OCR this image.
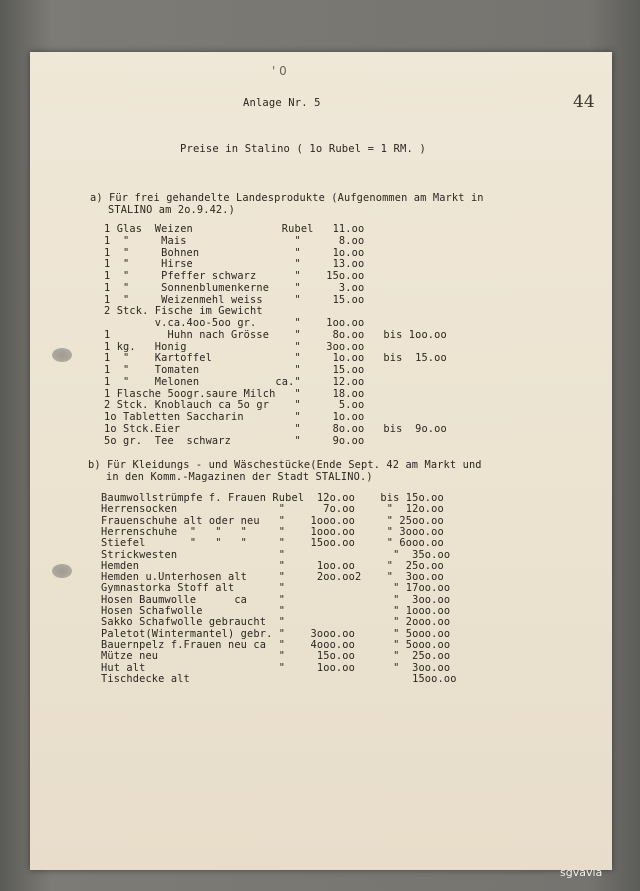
' 0
Anlage Nr. 5	44
Preise in Stalino ( 1o Rubel = 1 RM. )
a) Für frei gehandelte Landesprodukte (Aufgenommen am Markt in
STALINO am 2o.9.42.)
1 Glas  Weizen              Rubel   11.oo
1  "     Mais                 "      8.oo
1  "     Bohnen               "     1o.oo
1  "     Hirse                "     13.oo
1  "     Pfeffer schwarz      "    15o.oo
1  "     Sonnenblumenkerne    "      3.oo
1  "     Weizenmehl weiss     "     15.oo
2 Stck. Fische im Gewicht
v.ca.4oo-5oo gr.      "    1oo.oo
1         Huhn nach Grösse    "     8o.oo   bis 1oo.oo
1 kg.   Honig                 "    3oo.oo
1  "    Kartoffel             "     1o.oo   bis  15.oo
1  "    Tomaten               "     15.oo
1  "    Melonen            ca."     12.oo
1 Flasche 5oogr.saure Milch   "     18.oo
2 Stck. Knoblauch ca 5o gr    "      5.oo
1o Tabletten Saccharin        "     1o.oo
1o Stck.Eier                  "     8o.oo   bis  9o.oo
5o gr.  Tee  schwarz          "     9o.oo
b) Für Kleidungs - und Wäschestücke(Ende Sept. 42 am Markt und
in den Komm.-Magazinen der Stadt STALINO.)
Baumwollstrümpfe f. Frauen Rubel  12o.oo    bis 15o.oo
Herrensocken                "      7o.oo     "  12o.oo
Frauenschuhe alt oder neu   "    1ooo.oo     " 25oo.oo
Herrenschuhe  "   "   "     "    1ooo.oo     " 3ooo.oo
Stiefel       "   "   "     "    15oo.oo     " 6ooo.oo
Strickwesten                "                 "  35o.oo
Hemden                      "     1oo.oo     "  25o.oo
Hemden u.Unterhosen alt     "     2oo.oo2    "  3oo.oo
Gymnastorka Stoff alt       "                 " 17oo.oo
Hosen Baumwolle      ca     "                 "  3oo.oo
Hosen Schafwolle            "                 " 1ooo.oo
Sakko Schafwolle gebraucht  "                 " 2ooo.oo
Paletot(Wintermantel) gebr. "    3ooo.oo      " 5ooo.oo
Bauernpelz f.Frauen neu ca  "    4ooo.oo      " 5ooo.oo
Mütze neu                   "     15o.oo      "  25o.oo
Hut alt                     "     1oo.oo      "  3oo.oo
Tischdecke alt                                   15oo.oo
sgvavia
